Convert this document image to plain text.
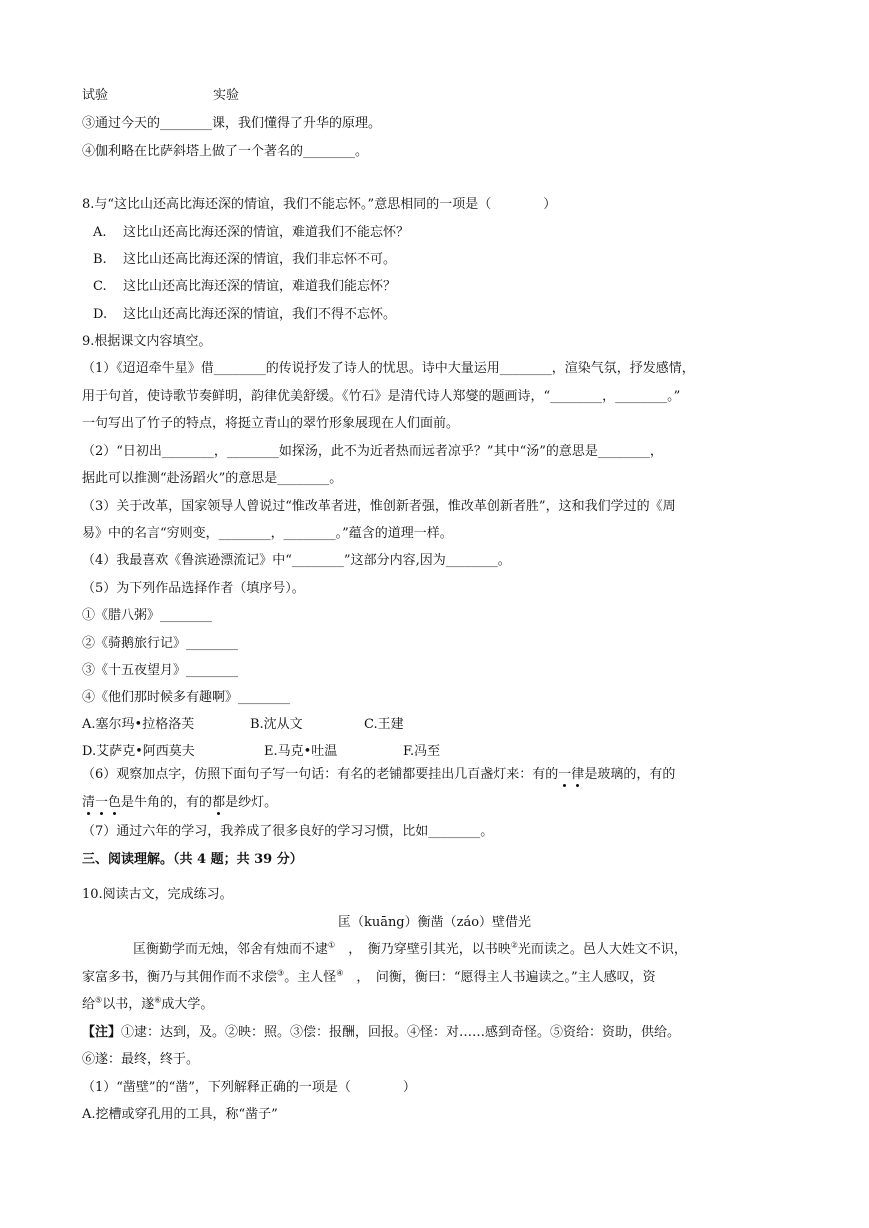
试验	实验
③通过今天的________课，我们懂得了升华的原理。
④伽利略在比萨斜塔上做了一个著名的________。
8.与“这比山还高比海还深的情谊，我们不能忘怀。”意思相同的一项是（　　　　）
A. 这比山还高比海还深的情谊，难道我们不能忘怀？
B. 这比山还高比海还深的情谊，我们非忘怀不可。
C. 这比山还高比海还深的情谊，难道我们能忘怀？
D. 这比山还高比海还深的情谊，我们不得不忘怀。
9.根据课文内容填空。
（1）《迢迢牵牛星》借________的传说抒发了诗人的忧思。诗中大量运用________，渲染气氛，抒发感情，
用于句首，使诗歌节奏鲜明，韵律优美舒缓。《竹石》是清代诗人郑燮的题画诗，“________，________。”
一句写出了竹子的特点，将挺立青山的翠竹形象展现在人们面前。
（2）“日初出________，________如探汤，此不为近者热而远者凉乎？”其中“汤”的意思是________，
据此可以推测“赴汤蹈火”的意思是________。
（3）关于改革，国家领导人曾说过“惟改革者进，惟创新者强，惟改革创新者胜”，这和我们学过的《周
易》中的名言“穷则变，________，________。”蕴含的道理一样。
（4）我最喜欢《鲁滨逊漂流记》中“________”这部分内容,因为________。
（5）为下列作品选择作者（填序号）。
①《腊八粥》________
②《骑鹅旅行记》________
③《十五夜望月》________
④《他们那时候多有趣啊》________
A.塞尔玛•拉格洛芙	B.沈从文	C.王建
D.艾萨克•阿西莫夫	E.马克•吐温	F.冯至
（6）观察加点字，仿照下面句子写一句话：有名的老铺都要挂出几百盏灯来：有的一律是玻璃的，有的
清一色是牛角的，有的都是纱灯。
（7）通过六年的学习，我养成了很多良好的学习习惯，比如________。
三、阅读理解。（共 4 题；共 39 分）
10.阅读古文，完成练习。
匡（kuāng）衡凿（záo）壁借光
匡衡勤学而无烛，邻舍有烛而不逮①　，　衡乃穿壁引其光，以书映②光而读之。邑人大姓文不识，
家富多书，衡乃与其佣作而不求偿③。主人怪④　，　问衡，衡曰：“愿得主人书遍读之。”主人感叹，资
给⑤以书，遂⑥成大学。
【注】①逮：达到，及。②映：照。③偿：报酬，回报。④怪：对……感到奇怪。⑤资给：资助，供给。
⑥遂：最终，终于。
（1）“凿壁”的“凿”，下列解释正确的一项是（　　　　）
A.挖槽或穿孔用的工具，称“凿子”
